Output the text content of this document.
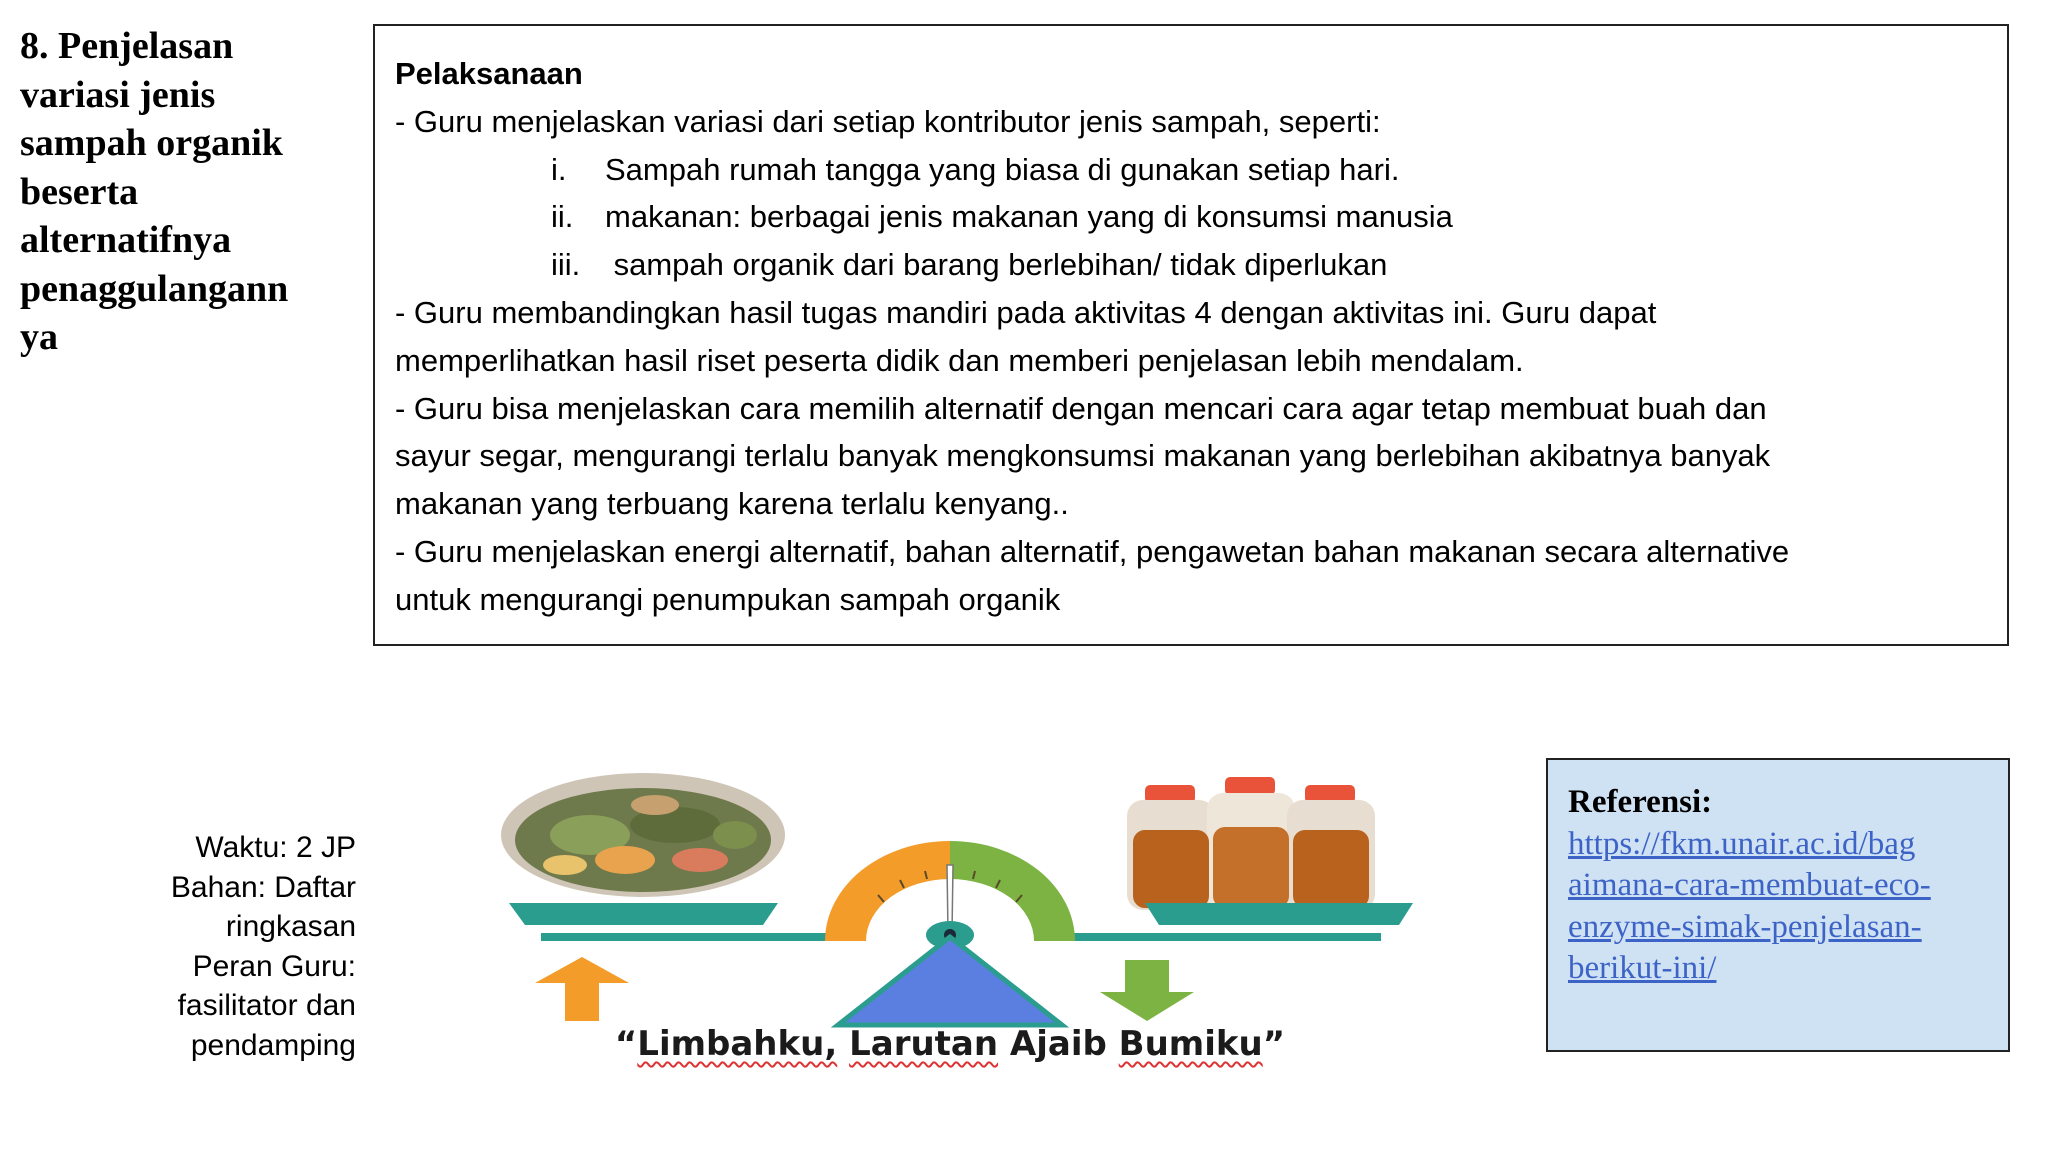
8. Penjelasan
variasi jenis
sampah organik
beserta
alternatifnya
penaggulangann
ya

Pelaksanaan

- Guru menjelaskan variasi dari setiap kontributor jenis sampah, seperti:

i. Sampah rumah tangga yang biasa di gunakan setiap hari.

ii. makanan: berbagai jenis makanan yang di konsumsi manusia

iii. sampah organik dari barang berlebihan/ tidak diperlukan

- Guru membandingkan hasil tugas mandiri pada aktivitas 4 dengan aktivitas ini. Guru dapat

memperlihatkan hasil riset peserta didik dan memberi penjelasan lebih mendalam.

- Guru bisa menjelaskan cara memilih alternatif dengan mencari cara agar tetap membuat buah dan

sayur segar, mengurangi terlalu banyak mengkonsumsi makanan yang berlebihan akibatnya banyak

makanan yang terbuang karena terlalu kenyang..

- Guru menjelaskan energi alternatif, bahan alternatif, pengawetan bahan makanan secara alternative

untuk mengurangi penumpukan sampah organik

Waktu: 2 JP
Bahan: Daftar
ringkasan
Peran Guru:
fasilitator dan
pendamping	“Limbahku, Larutan Ajaib Bumiku”
Referensi:
https://fkm.unair.ac.id/bag
aimana-cara-membuat-eco-
enzyme-simak-penjelasan-
berikut-ini/
